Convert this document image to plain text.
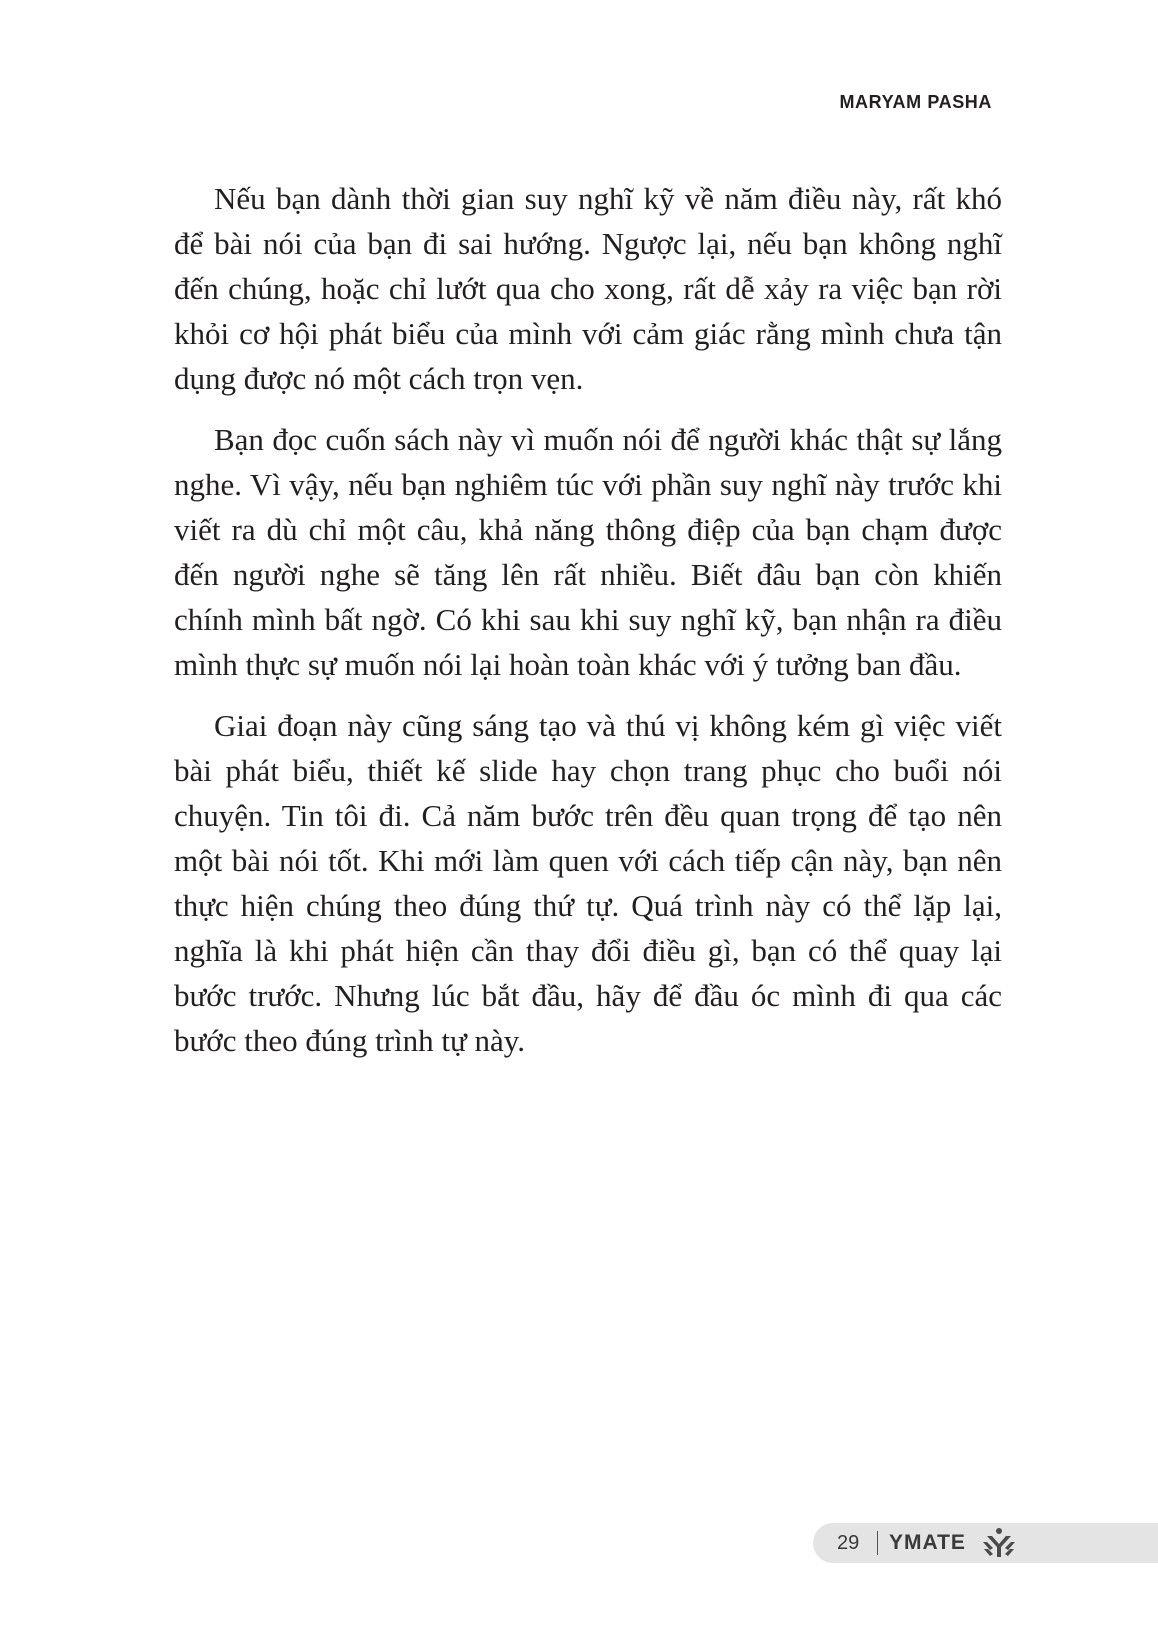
MARYAM PASHA

Nếu bạn dành thời gian suy nghĩ kỹ về năm điều này, rất khó để bài nói của bạn đi sai hướng. Ngược lại, nếu bạn không nghĩ đến chúng, hoặc chỉ lướt qua cho xong, rất dễ xảy ra việc bạn rời khỏi cơ hội phát biểu của mình với cảm giác rằng mình chưa tận dụng được nó một cách trọn vẹn.

Bạn đọc cuốn sách này vì muốn nói để người khác thật sự lắng nghe. Vì vậy, nếu bạn nghiêm túc với phần suy nghĩ này trước khi viết ra dù chỉ một câu, khả năng thông điệp của bạn chạm được đến người nghe sẽ tăng lên rất nhiều. Biết đâu bạn còn khiến chính mình bất ngờ. Có khi sau khi suy nghĩ kỹ, bạn nhận ra điều mình thực sự muốn nói lại hoàn toàn khác với ý tưởng ban đầu.

Giai đoạn này cũng sáng tạo và thú vị không kém gì việc viết bài phát biểu, thiết kế slide hay chọn trang phục cho buổi nói chuyện. Tin tôi đi. Cả năm bước trên đều quan trọng để tạo nên một bài nói tốt. Khi mới làm quen với cách tiếp cận này, bạn nên thực hiện chúng theo đúng thứ tự. Quá trình này có thể lặp lại, nghĩa là khi phát hiện cần thay đổi điều gì, bạn có thể quay lại bước trước. Nhưng lúc bắt đầu, hãy để đầu óc mình đi qua các bước theo đúng trình tự này.

29 YMATE
